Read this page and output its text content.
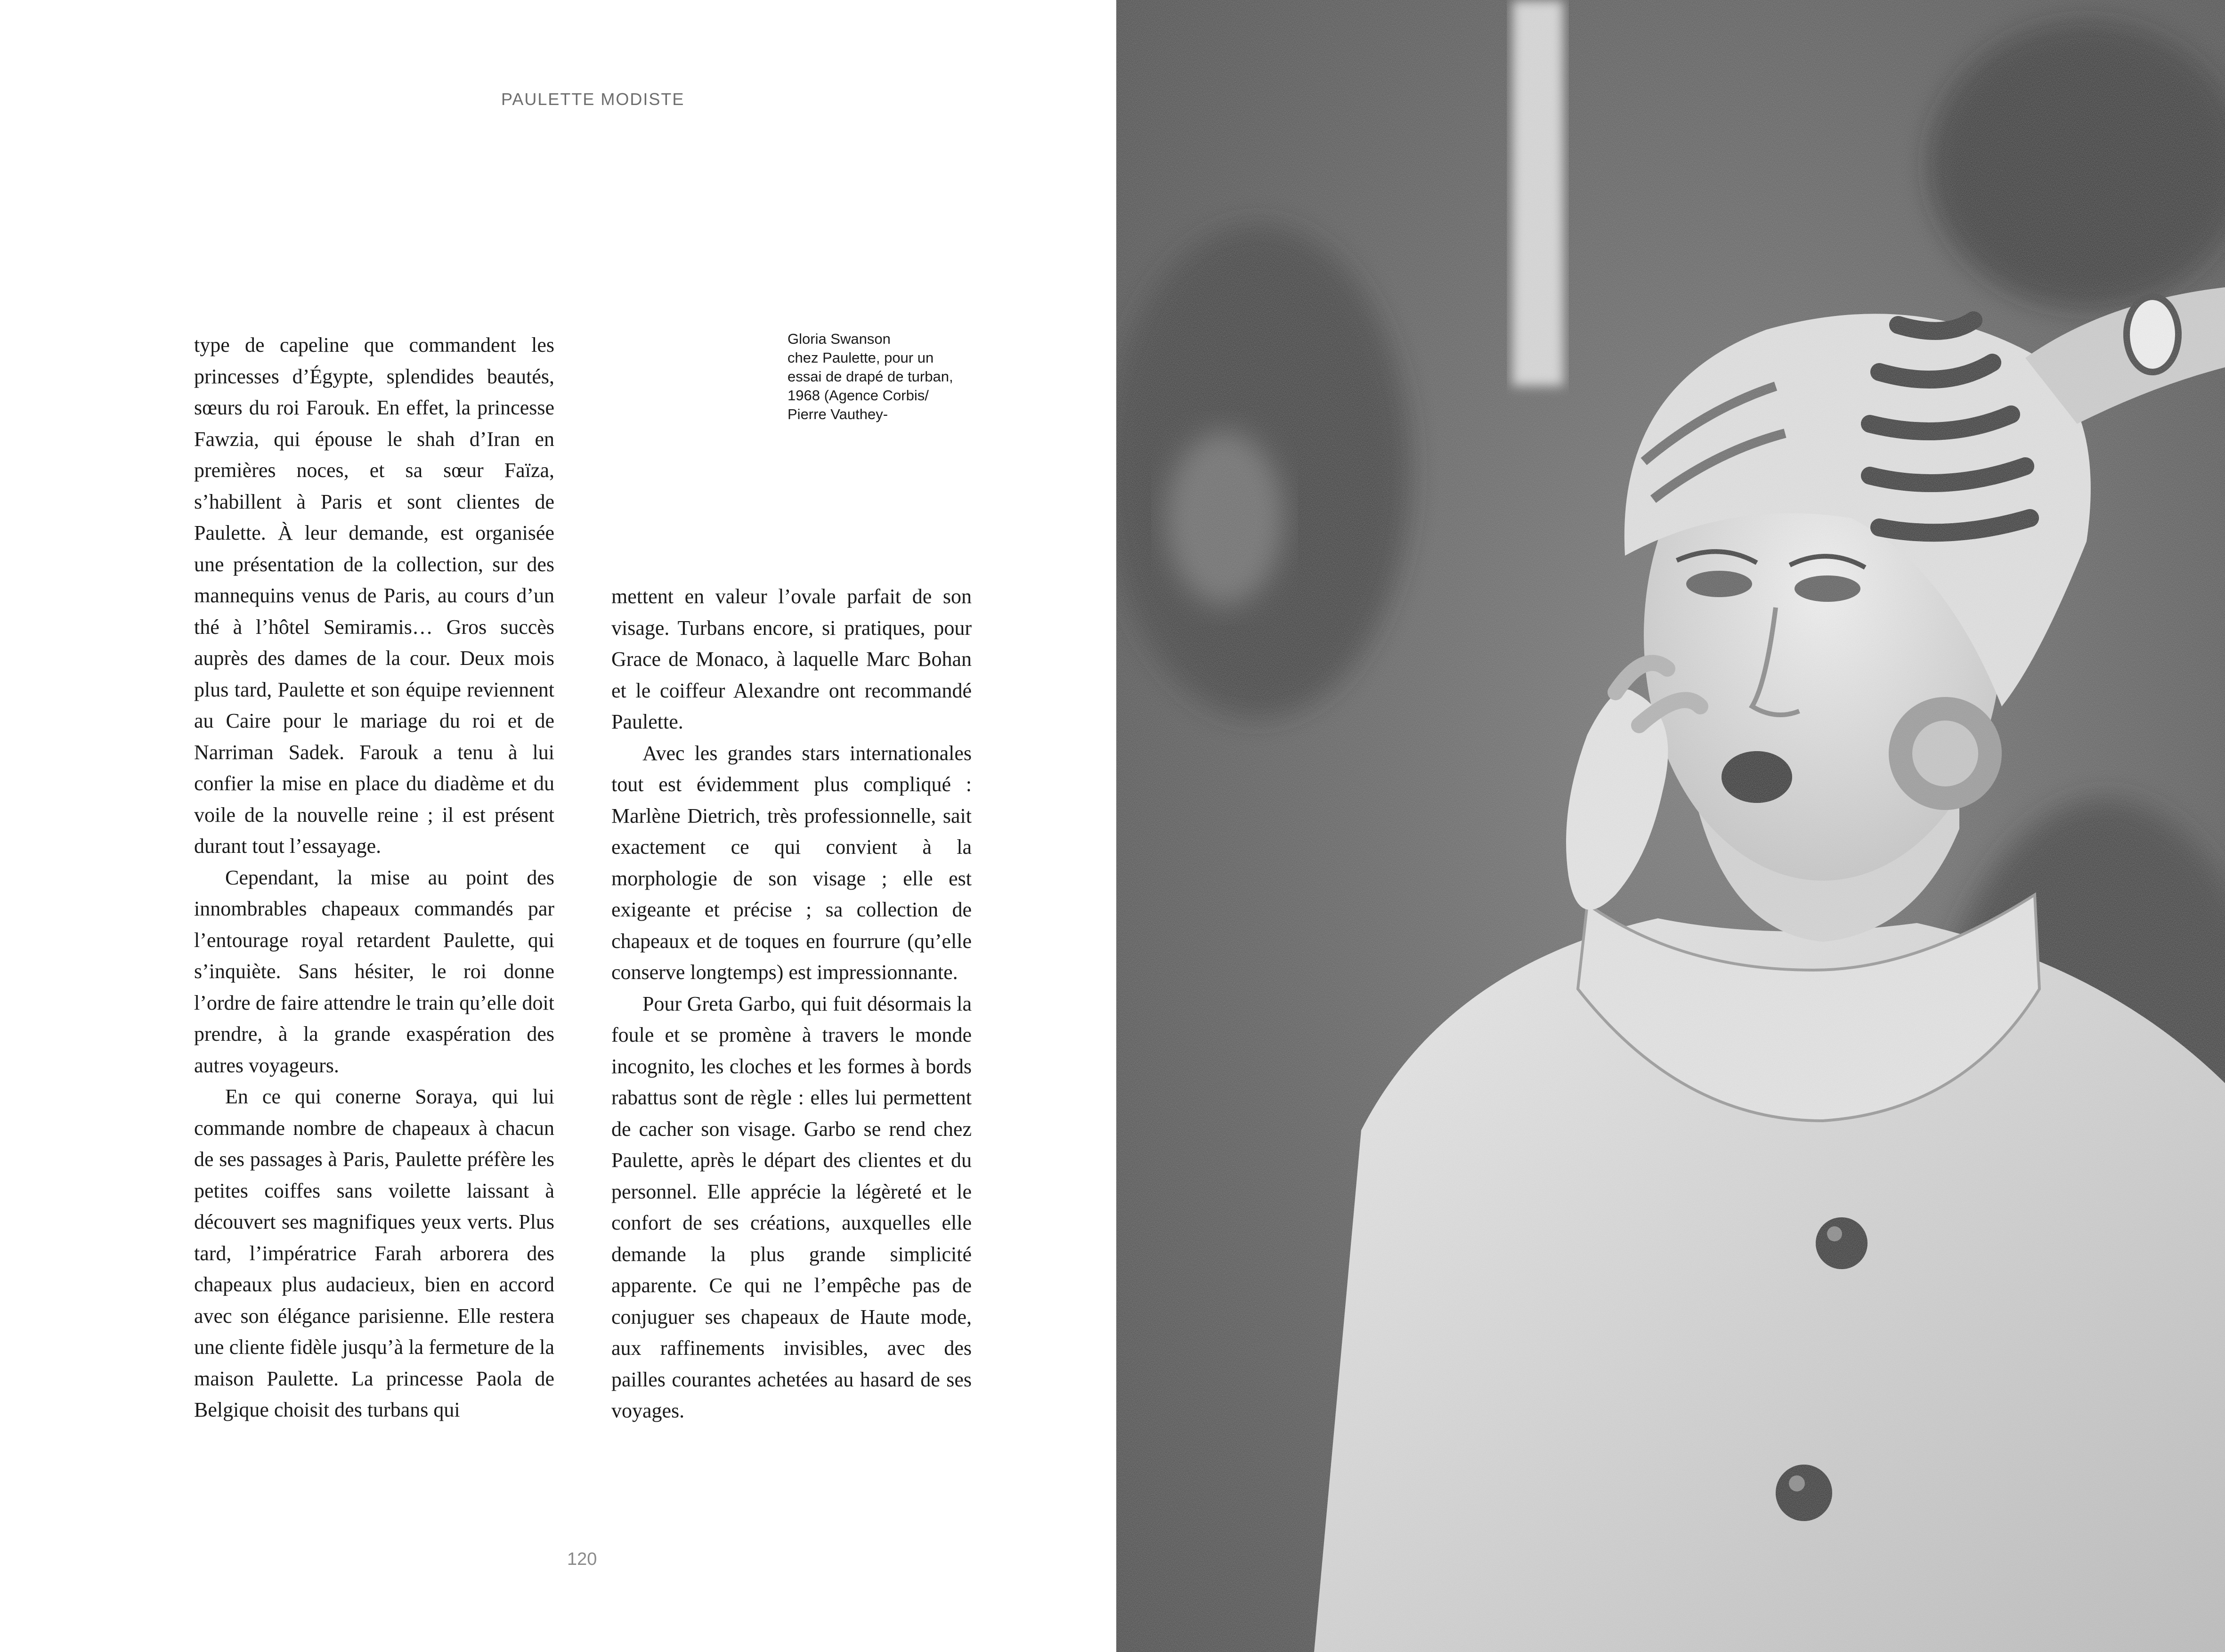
PAULETTE MODISTE
Gloria Swanson
chez Paulette, pour un
essai de drapé de turban,
1968 (Agence Corbis/
Pierre Vauthey-

type de capeline que commandent les princesses d’Égypte, splendides beautés, sœurs du roi Farouk. En effet, la princesse Fawzia, qui épouse le shah d’Iran en premières noces, et sa sœur Faïza, s’habillent à Paris et sont clientes de Paulette. À leur demande, est organisée une présentation de la collection, sur des mannequins venus de Paris, au cours d’un thé à l’hôtel Semiramis… Gros succès auprès des dames de la cour. Deux mois plus tard, Paulette et son équipe reviennent au Caire pour le mariage du roi et de Narriman Sadek. Farouk a tenu à lui confier la mise en place du diadème et du voile de la nouvelle reine ; il est présent durant tout l’essayage.

Cependant, la mise au point des innombrables chapeaux commandés par l’entourage royal retardent Paulette, qui s’inquiète. Sans hésiter, le roi donne l’ordre de faire attendre le train qu’elle doit prendre, à la grande exaspération des autres voyageurs.

En ce qui conerne Soraya, qui lui commande nombre de chapeaux à chacun de ses passages à Paris, Paulette préfère les petites coiffes sans voilette laissant à découvert ses magnifiques yeux verts. Plus tard, l’impératrice Farah arborera des chapeaux plus audacieux, bien en accord avec son élégance parisienne. Elle restera une cliente fidèle jusqu’à la fermeture de la maison Paulette. La princesse Paola de Belgique choisit des turbans qui

mettent en valeur l’ovale parfait de son visage. Turbans encore, si pratiques, pour Grace de Monaco, à laquelle Marc Bohan et le coiffeur Alexandre ont recommandé Paulette.

Avec les grandes stars internationales tout est évidemment plus compliqué : Marlène Dietrich, très professionnelle, sait exactement ce qui convient à la morphologie de son visage ; elle est exigeante et précise ; sa collection de chapeaux et de toques en fourrure (qu’elle conserve longtemps) est impressionnante.

Pour Greta Garbo, qui fuit désormais la foule et se promène à travers le monde incognito, les cloches et les formes à bords rabattus sont de règle : elles lui permettent de cacher son visage. Garbo se rend chez Paulette, après le départ des clientes et du personnel. Elle apprécie la légèreté et le confort de ses créations, auxquelles elle demande la plus grande simplicité apparente. Ce qui ne l’empêche pas de conjuguer ses chapeaux de Haute mode, aux raffinements invisibles, avec des pailles courantes achetées au hasard de ses voyages.

120
